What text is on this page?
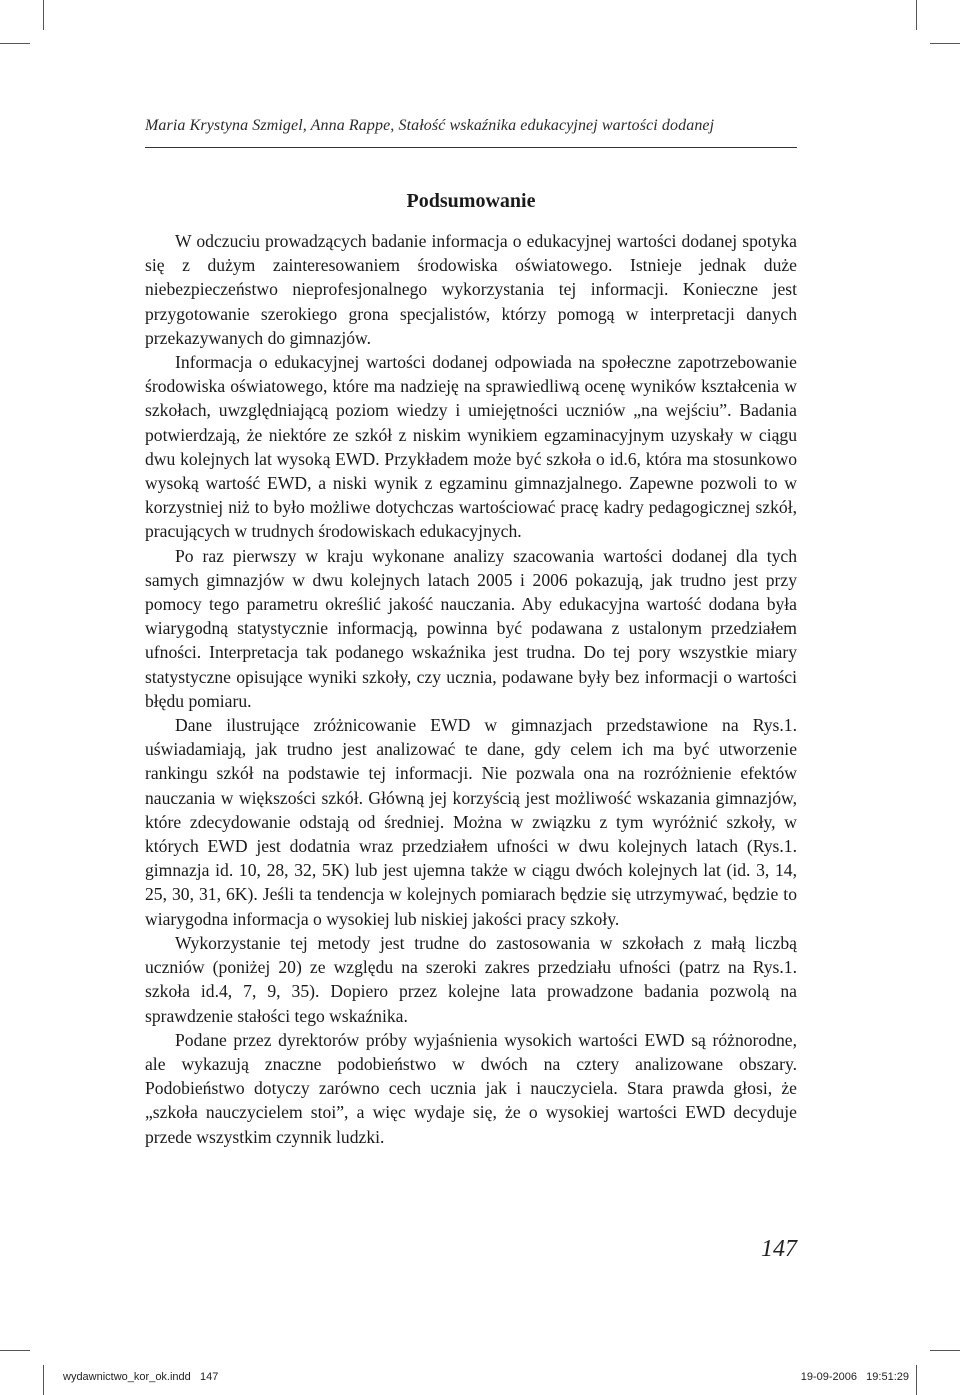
Maria Krystyna Szmigel, Anna Rappe, Stałość wskaźnika edukacyjnej wartości dodanej
Podsumowanie

W odczuciu prowadzących badanie informacja o edukacyjnej wartości dodanej spotyka się z dużym zainteresowaniem środowiska oświatowego. Istnieje jednak duże niebezpieczeństwo nieprofesjonalnego wykorzystania tej informacji. Konieczne jest przygotowanie szerokiego grona specjalistów, którzy pomogą w interpretacji danych przekazywanych do gimnazjów.

Informacja o edukacyjnej wartości dodanej odpowiada na społeczne zapotrzebowanie środowiska oświatowego, które ma nadzieję na sprawiedliwą ocenę wyników kształcenia w szkołach, uwzględniającą poziom wiedzy i umiejętności uczniów „na wejściu”. Badania potwierdzają, że niektóre ze szkół z niskim wynikiem egzaminacyjnym uzyskały w ciągu dwu kolejnych lat wysoką EWD. Przykładem może być szkoła o id.6, która ma stosunkowo wysoką wartość EWD, a niski wynik z egzaminu gimnazjalnego. Zapewne pozwoli to w korzystniej niż to było możliwe dotychczas wartościować pracę kadry pedagogicznej szkół, pracujących w trudnych środowiskach edukacyjnych.

Po raz pierwszy w kraju wykonane analizy szacowania wartości dodanej dla tych samych gimnazjów w dwu kolejnych latach 2005 i 2006 pokazują, jak trudno jest przy pomocy tego parametru określić jakość nauczania. Aby edukacyjna wartość dodana była wiarygodną statystycznie informacją, powinna być podawana z ustalonym przedziałem ufności. Interpretacja tak podanego wskaźnika jest trudna. Do tej pory wszystkie miary statystyczne opisujące wyniki szkoły, czy ucznia, podawane były bez informacji o wartości błędu pomiaru.

Dane ilustrujące zróżnicowanie EWD w gimnazjach przedstawione na Rys.1. uświadamiają, jak trudno jest analizować te dane, gdy celem ich ma być utworzenie rankingu szkół na podstawie tej informacji. Nie pozwala ona na rozróżnienie efektów nauczania w większości szkół. Główną jej korzyścią jest możliwość wskazania gimnazjów, które zdecydowanie odstają od średniej. Można w związku z tym wyróżnić szkoły, w których EWD jest dodatnia wraz przedziałem ufności w dwu kolejnych latach (Rys.1. gimnazja id. 10, 28, 32, 5K) lub jest ujemna także w ciągu dwóch kolejnych lat (id. 3, 14, 25, 30, 31, 6K). Jeśli ta tendencja w kolejnych pomiarach będzie się utrzymywać, będzie to wiarygodna informacja o wysokiej lub niskiej jakości pracy szkoły.

Wykorzystanie tej metody jest trudne do zastosowania w szkołach z małą liczbą uczniów (poniżej 20) ze względu na szeroki zakres przedziału ufności (patrz na Rys.1. szkoła id.4, 7, 9, 35). Dopiero przez kolejne lata prowadzone badania pozwolą na sprawdzenie stałości tego wskaźnika.

Podane przez dyrektorów próby wyjaśnienia wysokich wartości EWD są różnorodne, ale wykazują znaczne podobieństwo w dwóch na cztery analizowane obszary. Podobieństwo dotyczy zarówno cech ucznia jak i nauczyciela. Stara prawda głosi, że „szkoła nauczycielem stoi”, a więc wydaje się, że o wysokiej wartości EWD decyduje przede wszystkim czynnik ludzki.

147
wydawnictwo_kor_ok.indd   147	19-09-2006   19:51:29
